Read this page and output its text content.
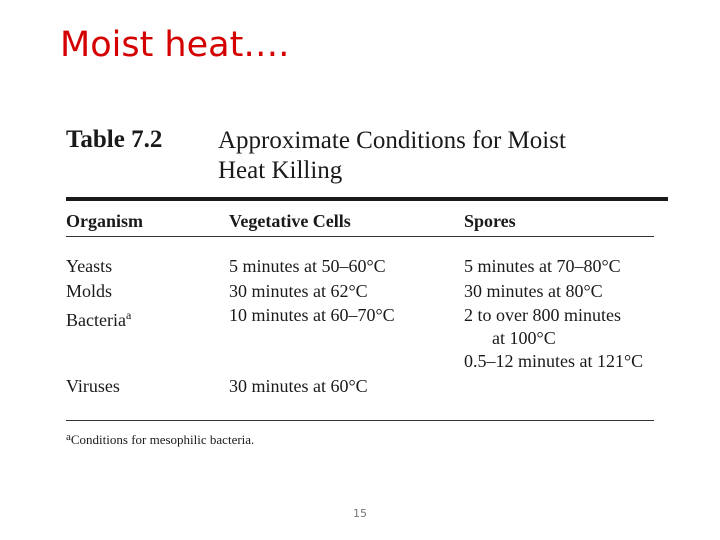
Moist heat….
Table 7.2 Approximate Conditions for Moist
Heat Killing
Organism	Vegetative Cells	Spores
Yeasts	5 minutes at 50–60°C	5 minutes at 70–80°C
Molds	30 minutes at 62°C	30 minutes at 80°C
Bacteria$^a$	10 minutes at 60–70°C	2 to over 800 minutes
at 100°C
0.5–12 minutes at 121°C
Viruses	30 minutes at 60°C
$^a$Conditions for mesophilic bacteria.
15
